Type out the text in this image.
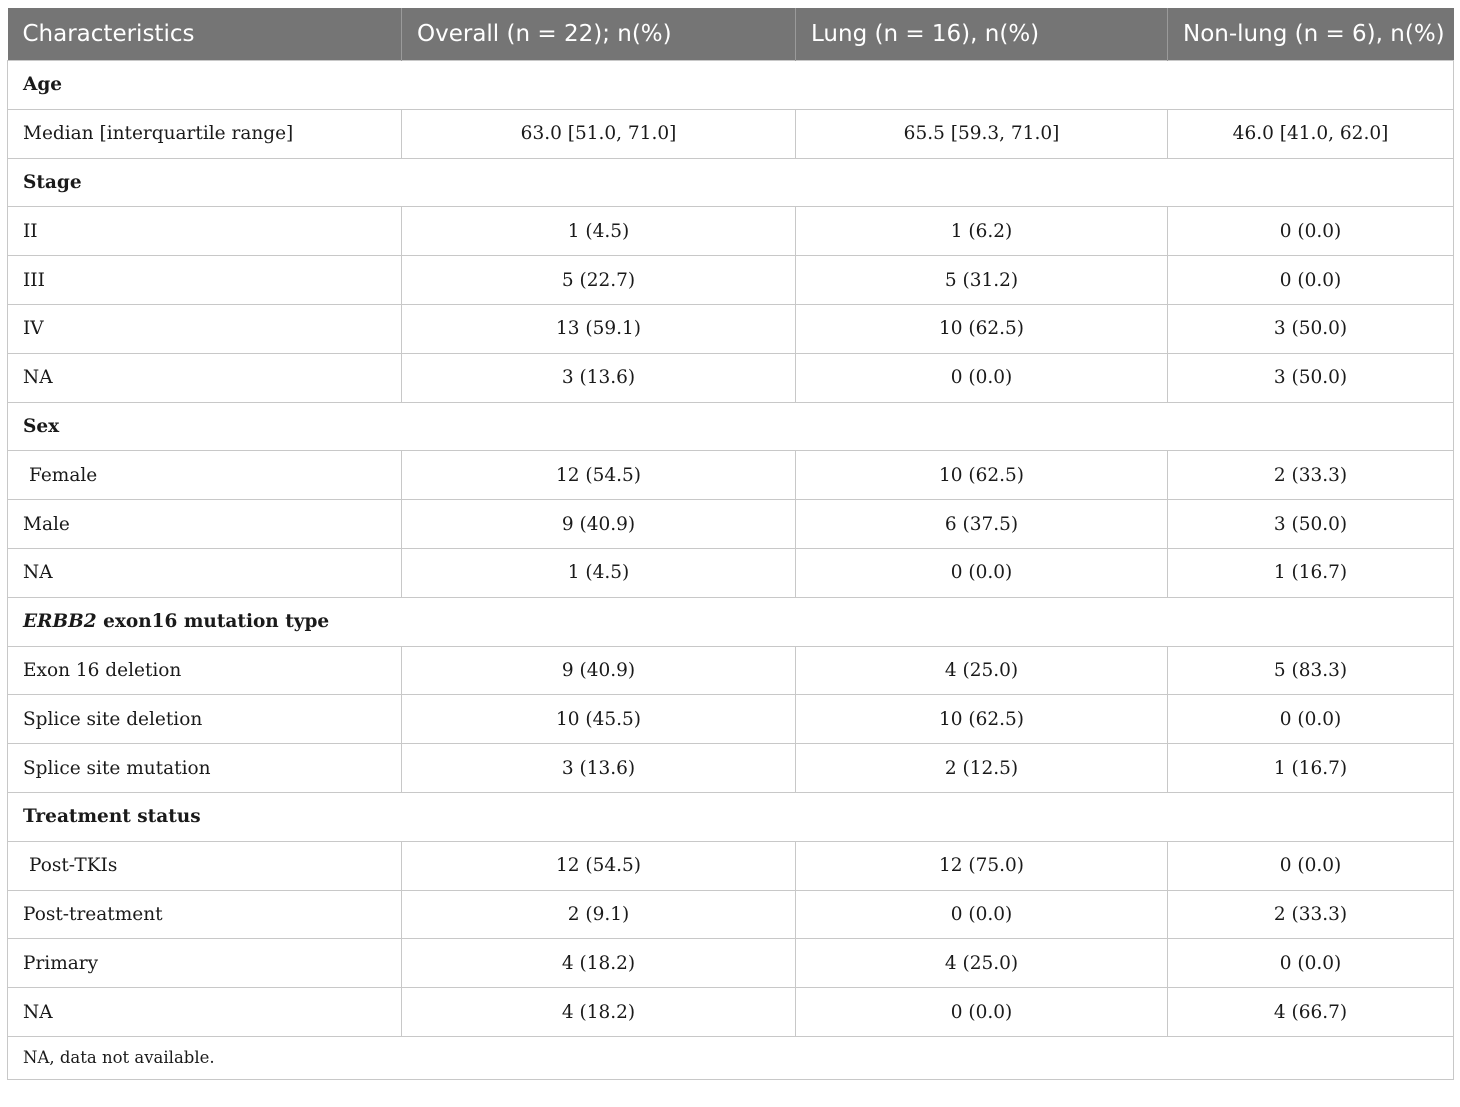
Characteristics	Overall (n = 22); n(%)	Lung (n = 16), n(%)	Non-lung (n = 6), n(%)
Age			
Median [interquartile range]	63.0 [51.0, 71.0]	65.5 [59.3, 71.0]	46.0 [41.0, 62.0]
Stage			
II	1 (4.5)	1 (6.2)	0 (0.0)
III	5 (22.7)	5 (31.2)	0 (0.0)
IV	13 (59.1)	10 (62.5)	3 (50.0)
NA	3 (13.6)	0 (0.0)	3 (50.0)
Sex			
Female	12 (54.5)	10 (62.5)	2 (33.3)
Male	9 (40.9)	6 (37.5)	3 (50.0)
NA	1 (4.5)	0 (0.0)	1 (16.7)
ERBB2 exon16 mutation type			
Exon 16 deletion	9 (40.9)	4 (25.0)	5 (83.3)
Splice site deletion	10 (45.5)	10 (62.5)	0 (0.0)
Splice site mutation	3 (13.6)	2 (12.5)	1 (16.7)
Treatment status			
Post-TKIs	12 (54.5)	12 (75.0)	0 (0.0)
Post-treatment	2 (9.1)	0 (0.0)	2 (33.3)
Primary	4 (18.2)	4 (25.0)	0 (0.0)
NA	4 (18.2)	0 (0.0)	4 (66.7)
NA, data not available.			
